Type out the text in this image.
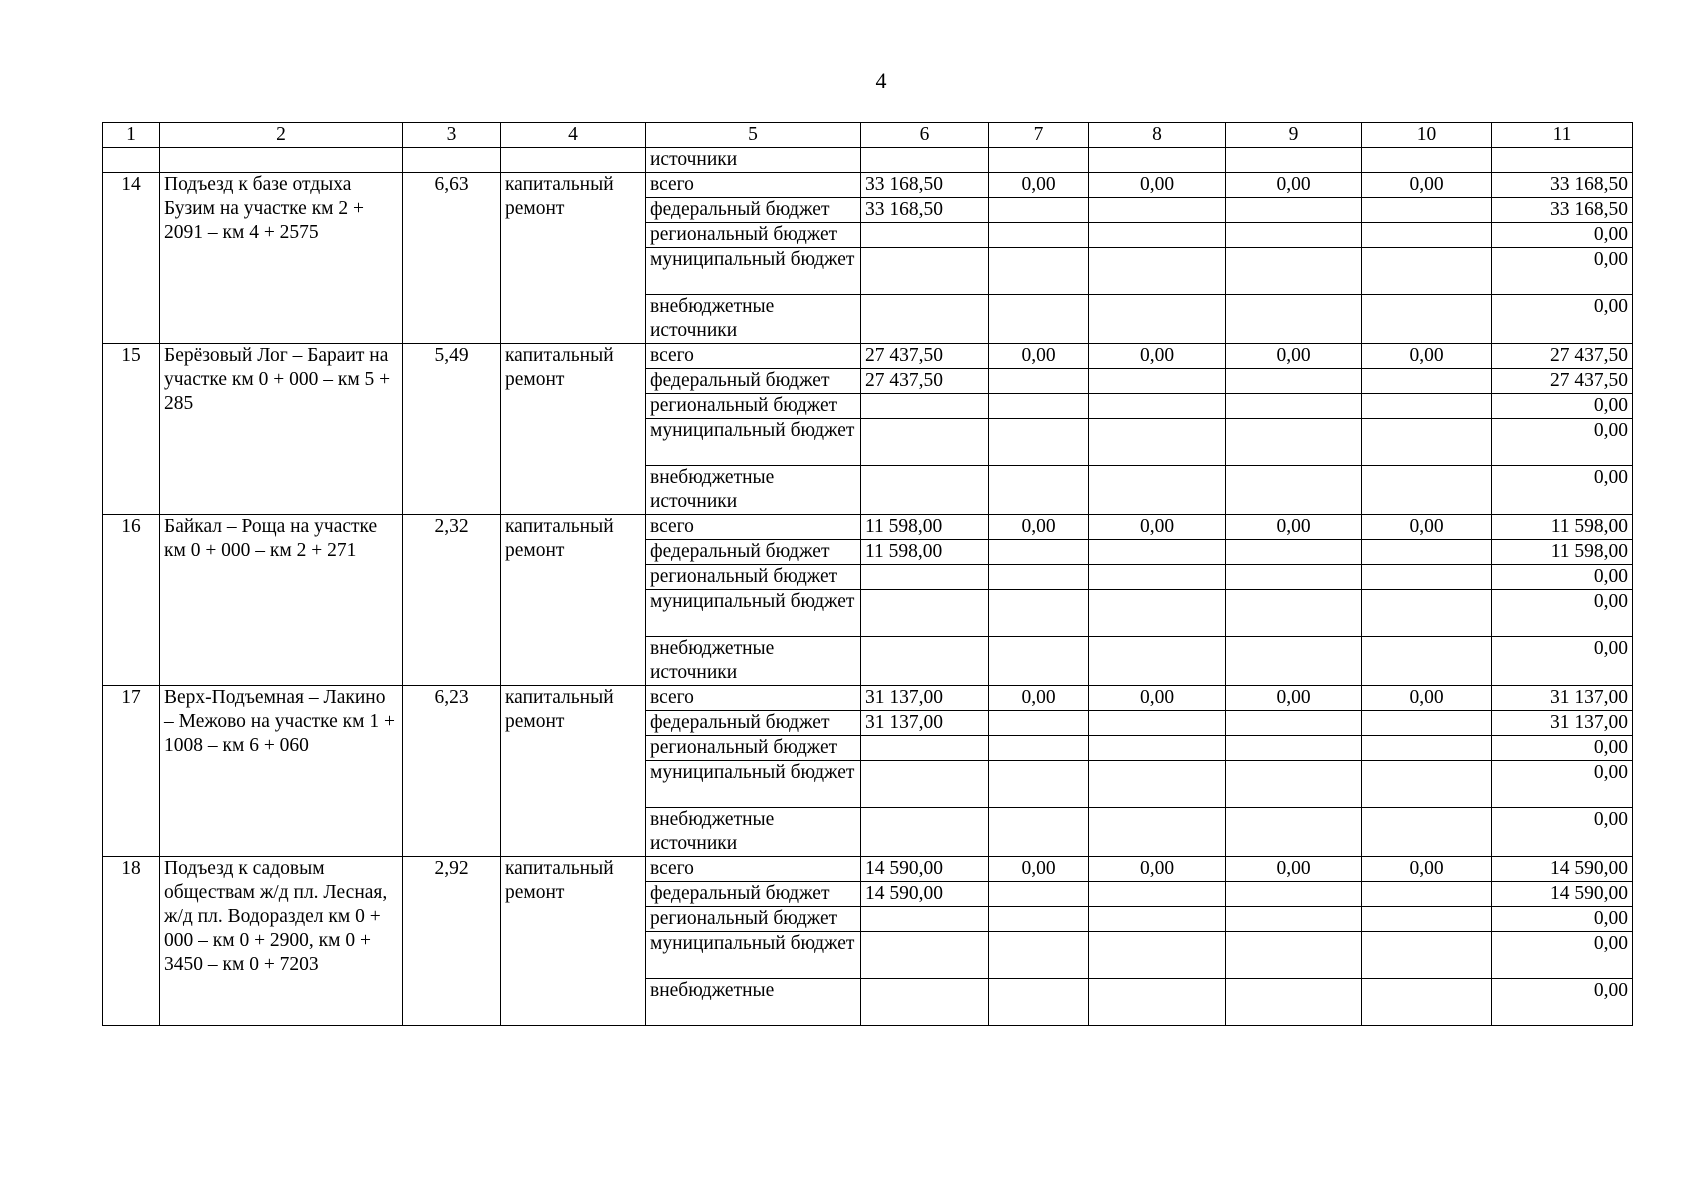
4
1	2	3	4	5	6	7	8	9	10	11
				источники						
14	Подъезд к базе отдыха Бузим на участке км 2 + 2091 – км 4 + 2575	6,63	капитальный ремонт	всего	33 168,50	0,00	0,00	0,00	0,00	33 168,50
				федеральный бюджет	33 168,50					33 168,50
				региональный бюджет						0,00
				муниципальный бюджет						0,00
				внебюджетные источники						0,00
15	Берёзовый Лог – Бараит на участке км 0 + 000 – км 5 + 285	5,49	капитальный ремонт	всего	27 437,50	0,00	0,00	0,00	0,00	27 437,50
				федеральный бюджет	27 437,50					27 437,50
				региональный бюджет						0,00
				муниципальный бюджет						0,00
				внебюджетные источники						0,00
16	Байкал – Роща на участке км 0 + 000 – км 2 + 271	2,32	капитальный ремонт	всего	11 598,00	0,00	0,00	0,00	0,00	11 598,00
				федеральный бюджет	11 598,00					11 598,00
				региональный бюджет						0,00
				муниципальный бюджет						0,00
				внебюджетные источники						0,00
17	Верх-Подъемная – Лакино – Межово на участке км 1 + 1008 – км 6 + 060	6,23	капитальный ремонт	всего	31 137,00	0,00	0,00	0,00	0,00	31 137,00
				федеральный бюджет	31 137,00					31 137,00
				региональный бюджет						0,00
				муниципальный бюджет						0,00
				внебюджетные источники						0,00
18	Подъезд к садовым обществам ж/д пл. Лесная, ж/д пл. Водораздел км 0 + 000 – км 0 + 2900, км 0 + 3450 – км 0 + 7203	2,92	капитальный ремонт	всего	14 590,00	0,00	0,00	0,00	0,00	14 590,00
				федеральный бюджет	14 590,00					14 590,00
				региональный бюджет						0,00
				муниципальный бюджет						0,00
				внебюджетные						0,00
